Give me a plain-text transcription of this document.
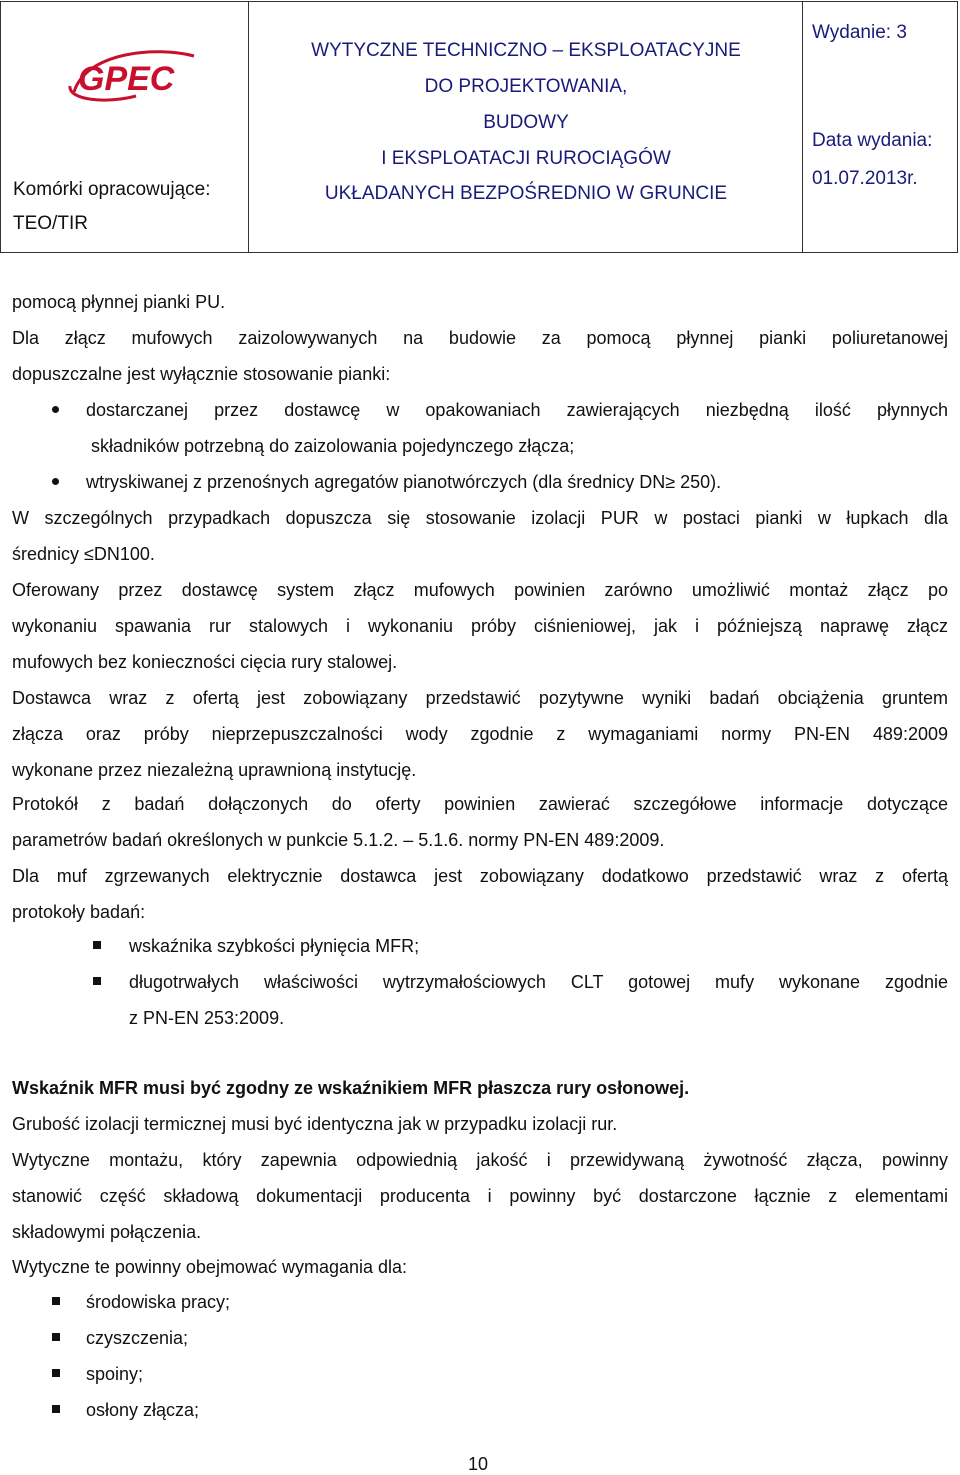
GPEC
Komórki opracowujące:
TEO/TIR
WYTYCZNE TECHNICZNO – EKSPLOATACYJNE
DO PROJEKTOWANIA,
BUDOWY
I EKSPLOATACJI RUROCIĄGÓW
UKŁADANYCH BEZPOŚREDNIO W GRUNCIE
Wydanie: 3
Data wydania:
01.07.2013r.
pomocą płynnej pianki PU.
Dla złącz mufowych zaizolowywanych na budowie za pomocą płynnej pianki poliuretanowej
dopuszczalne jest wyłącznie stosowanie pianki:
dostarczanej przez dostawcę w opakowaniach zawierających niezbędną ilość płynnych
składników potrzebną do zaizolowania pojedynczego złącza;
wtryskiwanej z przenośnych agregatów pianotwórczych (dla średnicy DN≥ 250).
W szczególnych przypadkach dopuszcza się stosowanie izolacji PUR w postaci pianki w łupkach dla
średnicy ≤DN100.
Oferowany przez dostawcę system złącz mufowych powinien zarówno umożliwić montaż złącz po
wykonaniu spawania rur stalowych i wykonaniu próby ciśnieniowej, jak i późniejszą naprawę złącz
mufowych bez konieczności cięcia rury stalowej.
Dostawca wraz z ofertą jest zobowiązany przedstawić pozytywne wyniki badań obciążenia gruntem
złącza oraz próby nieprzepuszczalności wody zgodnie z wymaganiami normy PN-EN 489:2009
wykonane przez niezależną uprawnioną instytucję.
Protokół z badań dołączonych do oferty powinien zawierać szczegółowe informacje dotyczące
parametrów badań określonych w punkcie 5.1.2. – 5.1.6. normy PN-EN 489:2009.
Dla muf zgrzewanych elektrycznie dostawca jest zobowiązany dodatkowo przedstawić wraz z ofertą
protokoły badań:
wskaźnika szybkości płynięcia MFR;
długotrwałych właściwości wytrzymałościowych CLT gotowej mufy wykonane zgodnie
z PN-EN 253:2009.
Wskaźnik MFR musi być zgodny ze wskaźnikiem MFR płaszcza rury osłonowej.
Grubość izolacji termicznej musi być identyczna jak w przypadku izolacji rur.
Wytyczne montażu, który zapewnia odpowiednią jakość i przewidywaną żywotność złącza, powinny
stanowić część składową dokumentacji producenta i powinny być dostarczone łącznie z elementami
składowymi połączenia.
Wytyczne te powinny obejmować wymagania dla:
środowiska pracy;
czyszczenia;
spoiny;
osłony złącza;
10
